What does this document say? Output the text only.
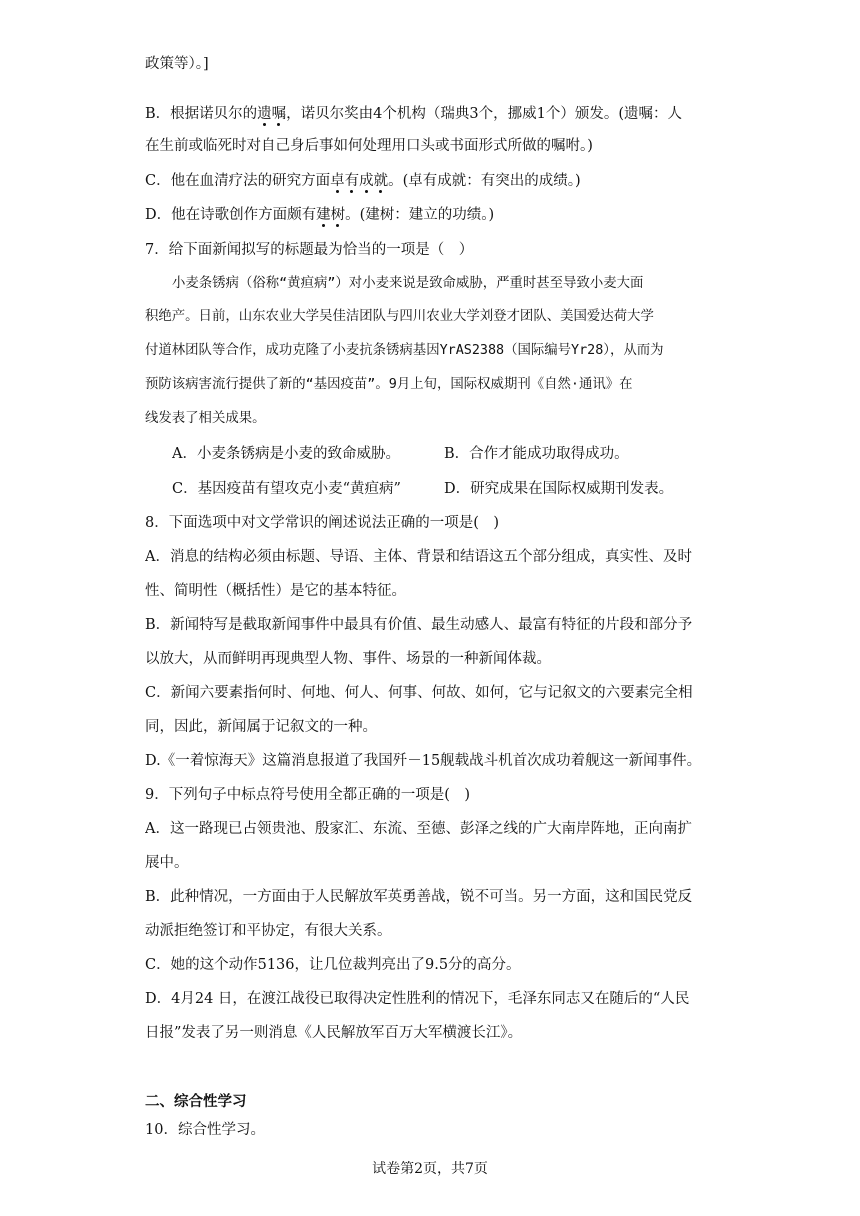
政策等）。]
B．根据诺贝尔的遗嘱，诺贝尔奖由4个机构（瑞典3个，挪威1个）颁发。(遗嘱：人
在生前或临死时对自己身后事如何处理用口头或书面形式所做的嘱咐。)
C．他在血清疗法的研究方面卓有成就。(卓有成就：有突出的成绩。)
D．他在诗歌创作方面颇有建树。(建树：建立的功绩。)
7．给下面新闻拟写的标题最为恰当的一项是（　）
小麦条锈病（俗称“黄疸病”）对小麦来说是致命威胁，严重时甚至导致小麦大面
积绝产。日前，山东农业大学吴佳洁团队与四川农业大学刘登才团队、美国爱达荷大学
付道林团队等合作，成功克隆了小麦抗条锈病基因YrAS2388（国际编号Yr28），从而为
预防该病害流行提供了新的“基因疫苗”。9月上旬，国际权威期刊《自然·通讯》在
线发表了相关成果。
A．小麦条锈病是小麦的致命威胁。	B．合作才能成功取得成功。
C．基因疫苗有望攻克小麦“黄疸病”	D．研究成果在国际权威期刊发表。
8．下面选项中对文学常识的阐述说法正确的一项是(　)
A．消息的结构必须由标题、导语、主体、背景和结语这五个部分组成，真实性、及时
性、简明性（概括性）是它的基本特征。
B．新闻特写是截取新闻事件中最具有价值、最生动感人、最富有特征的片段和部分予
以放大，从而鲜明再现典型人物、事件、场景的一种新闻体裁。
C．新闻六要素指何时、何地、何人、何事、何故、如何，它与记叙文的六要素完全相
同，因此，新闻属于记叙文的一种。
D.《一着惊海天》这篇消息报道了我国歼－15舰载战斗机首次成功着舰这一新闻事件。
9．下列句子中标点符号使用全都正确的一项是(　)
A．这一路现已占领贵池、殷家汇、东流、至德、彭泽之线的广大南岸阵地，正向南扩
展中。
B．此种情况，一方面由于人民解放军英勇善战，锐不可当。另一方面，这和国民党反
动派拒绝签订和平协定，有很大关系。
C．她的这个动作5136，让几位裁判亮出了9.5分的高分。
D．4月24 日，在渡江战役已取得决定性胜利的情况下，毛泽东同志又在随后的“人民
日报”发表了另一则消息《人民解放军百万大军横渡长江》。
二、综合性学习
10．综合性学习。
试卷第2页，共7页
